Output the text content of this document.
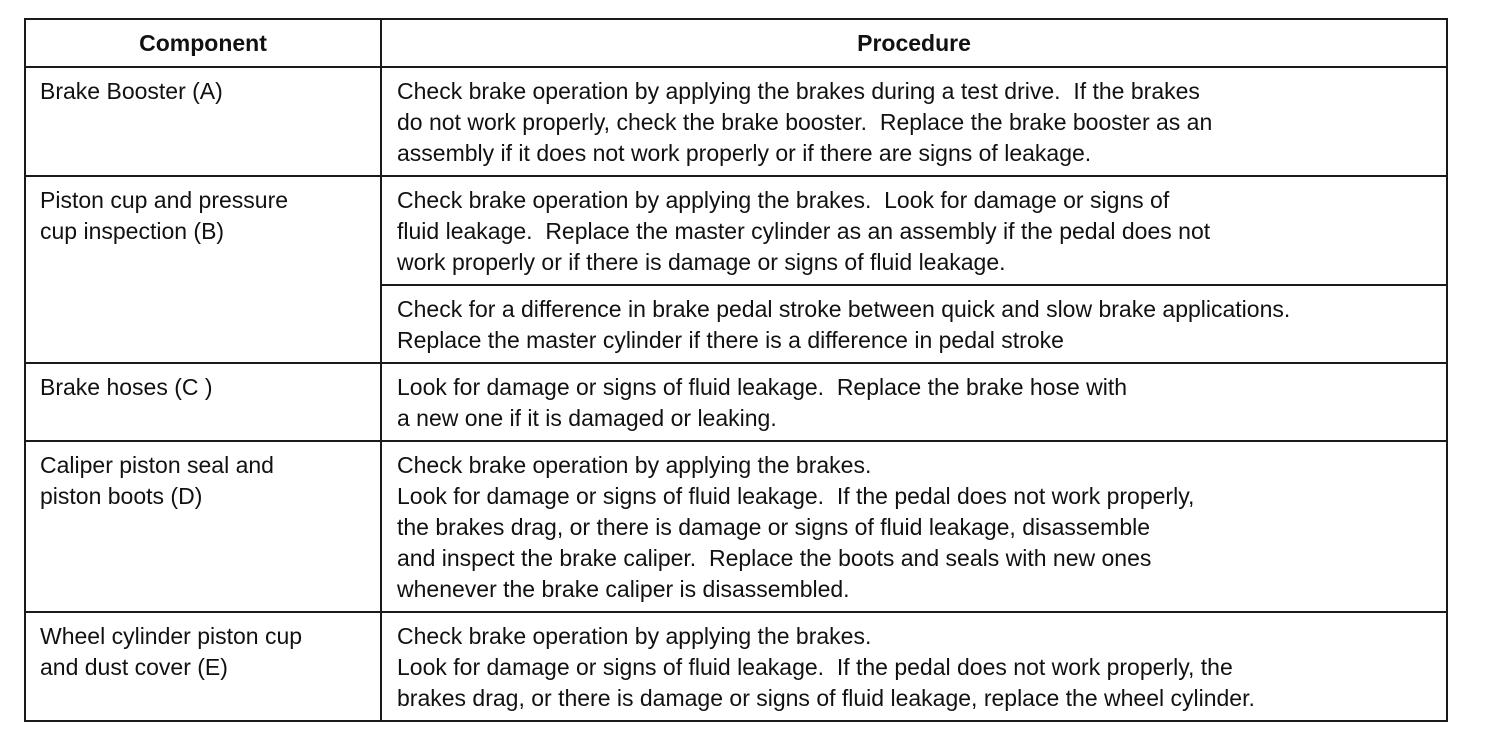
Component	Procedure

Brake Booster (A)	Check brake operation by applying the brakes during a test drive.  If the brakes
do not work properly, check the brake booster.  Replace the brake booster as an
assembly if it does not work properly or if there are signs of leakage.

Piston cup and pressure
cup inspection (B)	Check brake operation by applying the brakes.  Look for damage or signs of
fluid leakage.  Replace the master cylinder as an assembly if the pedal does not
work properly or if there is damage or signs of fluid leakage.

	Check for a difference in brake pedal stroke between quick and slow brake applications.
Replace the master cylinder if there is a difference in pedal stroke

Brake hoses (C )	Look for damage or signs of fluid leakage.  Replace the brake hose with
a new one if it is damaged or leaking.

Caliper piston seal and
piston boots (D)	Check brake operation by applying the brakes.
Look for damage or signs of fluid leakage.  If the pedal does not work properly,
the brakes drag, or there is damage or signs of fluid leakage, disassemble
and inspect the brake caliper.  Replace the boots and seals with new ones
whenever the brake caliper is disassembled.

Wheel cylinder piston cup
and dust cover (E)	Check brake operation by applying the brakes.
Look for damage or signs of fluid leakage.  If the pedal does not work properly, the
brakes drag, or there is damage or signs of fluid leakage, replace the wheel cylinder.
